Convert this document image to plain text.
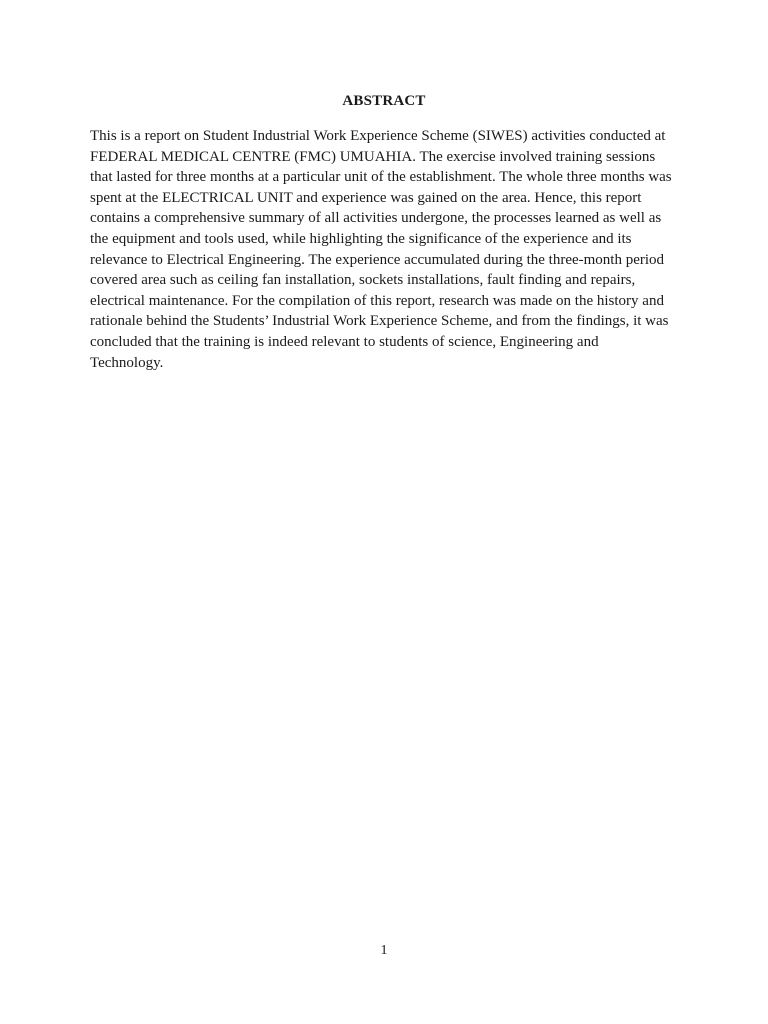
ABSTRACT
This is a report on Student Industrial Work Experience Scheme (SIWES) activities conducted at
FEDERAL MEDICAL CENTRE (FMC) UMUAHIA. The exercise involved training sessions
that lasted for three months at a particular unit of the establishment. The whole three months was
spent at the ELECTRICAL UNIT and experience was gained on the area. Hence, this report
contains a comprehensive summary of all activities undergone, the processes learned as well as
the equipment and tools used, while highlighting the significance of the experience and its
relevance to Electrical Engineering. The experience accumulated during the three-month period
covered area such as ceiling fan installation, sockets installations, fault finding and repairs,
electrical maintenance. For the compilation of this report, research was made on the history and
rationale behind the Students’ Industrial Work Experience Scheme, and from the findings, it was
concluded that the training is indeed relevant to students of science, Engineering and
Technology.
1
